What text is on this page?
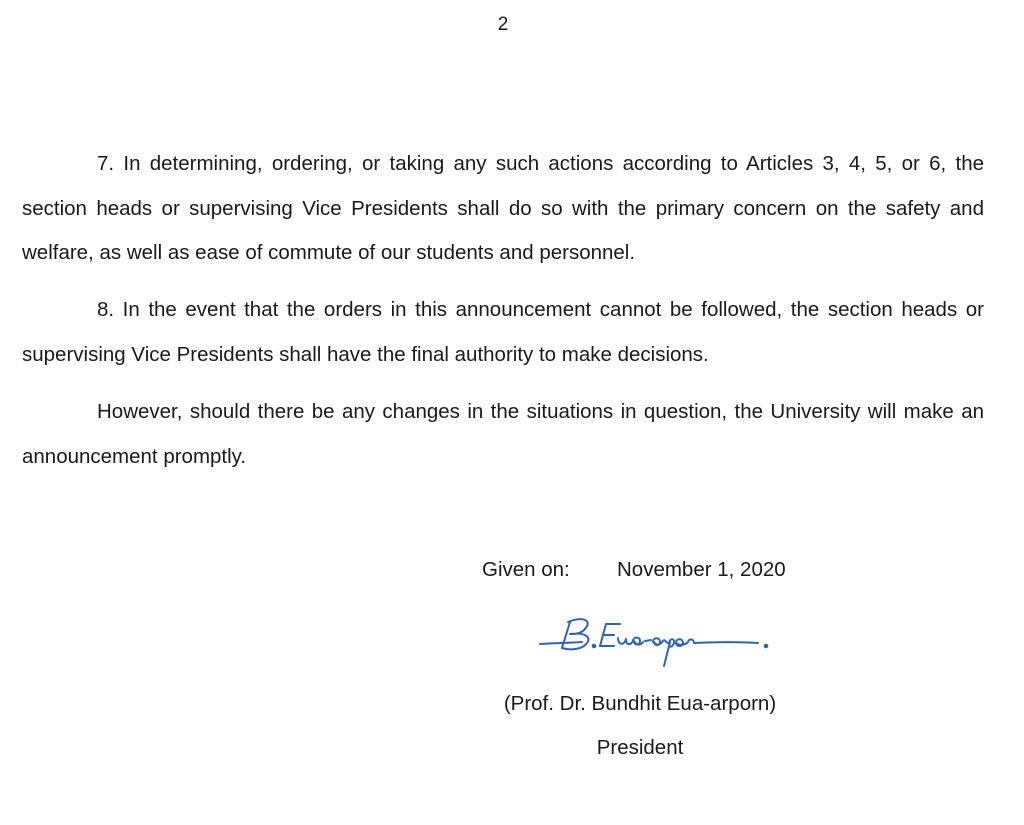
2

7. In determining, ordering, or taking any such actions according to Articles 3, 4, 5, or 6, the section heads or supervising Vice Presidents shall do so with the primary concern on the safety and welfare, as well as ease of commute of our students and personnel.

8. In the event that the orders in this announcement cannot be followed, the section heads or supervising Vice Presidents shall have the final authority to make decisions.

However, should there be any changes in the situations in question, the University will make an announcement promptly.

Given on: November 1, 2020
(Prof. Dr. Bundhit Eua-arporn)
President
